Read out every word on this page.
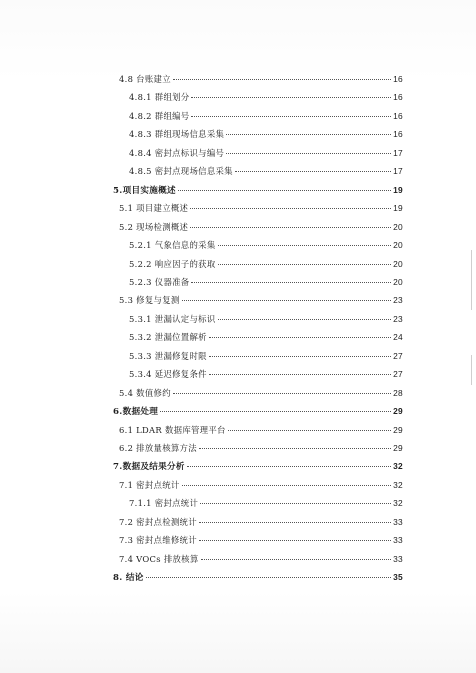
4.8 台账建立	16
4.8.1 群组划分	16
4.8.2 群组编号	16
4.8.3 群组现场信息采集	16
4.8.4 密封点标识与编号	17
4.8.5 密封点现场信息采集	17
5.项目实施概述	19
5.1 项目建立概述	19
5.2 现场检测概述	20
5.2.1 气象信息的采集	20
5.2.2 响应因子的获取	20
5.2.3 仪器准备	20
5.3 修复与复测	23
5.3.1 泄漏认定与标识	23
5.3.2 泄漏位置解析	24
5.3.3 泄漏修复时限	27
5.3.4 延迟修复条件	27
5.4 数值修约	28
6.数据处理	29
6.1 LDAR 数据库管理平台	29
6.2 排放量核算方法	29
7.数据及结果分析	32
7.1 密封点统计	32
7.1.1 密封点统计	32
7.2 密封点检测统计	33
7.3 密封点维修统计	33
7.4 VOCs 排放核算	33
8. 结论	35
